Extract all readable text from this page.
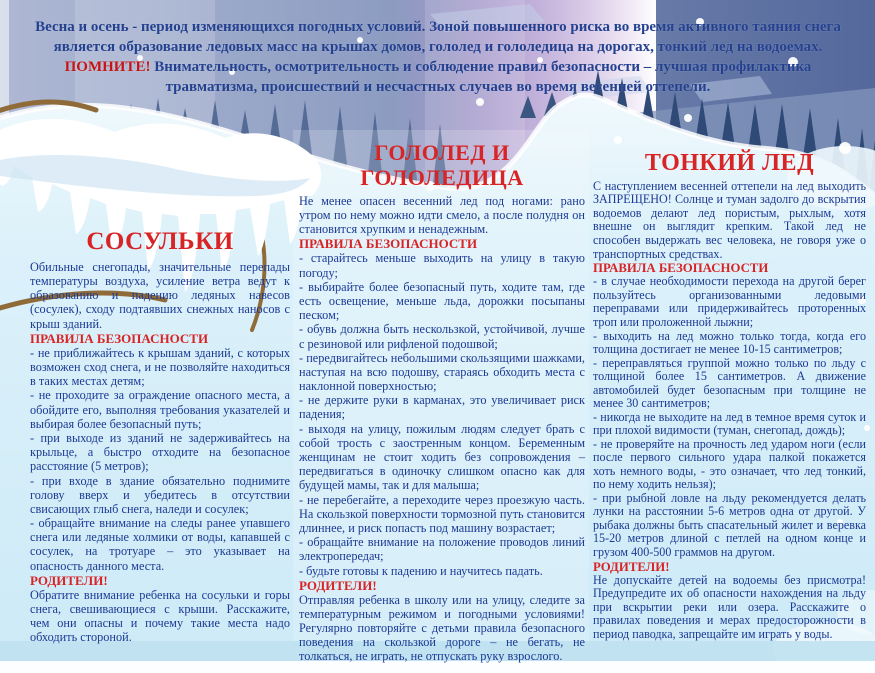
Весна и осень - период изменяющихся погодных условий. Зоной повышенного риска во время активного таяния снега является образование ледовых масс на крышах домов, гололед и гололедица на дорогах, тонкий лед на водоемах. ПОМНИТЕ! Внимательность, осмотрительность и соблюдение правил безопасности – лучшая профилактика травматизма, происшествий и несчастных случаев во время весенней оттепели.
СОСУЛЬКИ

Обильные снегопады, значительные перепады температуры воздуха, усиление ветра ведут к образованию и падению ледяных навесов (сосулек), сходу подтаявших снежных наносов с крыш зданий.

ПРАВИЛА БЕЗОПАСНОСТИ

- не приближайтесь к крышам зданий, с которых возможен сход снега, и не позволяйте находиться в таких местах детям;

- не проходите за ограждение опасного места, а обойдите его, выполняя требования указателей и выбирая более безопасный путь;

- при выходе из зданий не задерживайтесь на крыльце, а быстро отходите на безопасное расстояние (5 метров);

- при входе в здание обязательно поднимите голову вверх и убедитесь в отсутствии свисающих глыб снега, наледи и сосулек;

- обращайте внимание на следы ранее упавшего снега или ледяные холмики от воды, капавшей с сосулек, на тротуаре – это указывает на опасность данного места.

РОДИТЕЛИ!

Обратите внимание ребенка на сосульки и горы снега, свешивающиеся с крыши. Расскажите, чем они опасны и почему такие места надо обходить стороной.

ГОЛОЛЕД И ГОЛОЛЕДИЦА

Не менее опасен весенний лед под ногами: рано утром по нему можно идти смело, а после полудня он становится хрупким и ненадежным.

ПРАВИЛА БЕЗОПАСНОСТИ

- старайтесь меньше выходить на улицу в такую погоду;

- выбирайте более безопасный путь, ходите там, где есть освещение, меньше льда, дорожки посыпаны песком;

- обувь должна быть нескользкой, устойчивой, лучше с резиновой или рифленой подошвой;

- передвигайтесь небольшими скользящими шажками, наступая на всю подошву, стараясь обходить места с наклонной поверхностью;

- не держите руки в карманах, это увеличивает риск падения;

- выходя на улицу, пожилым людям следует брать с собой трость с заостренным концом. Беременным женщинам не стоит ходить без сопровождения – передвигаться в одиночку слишком опасно как для будущей мамы, так и для малыша;

- не перебегайте, а переходите через проезжую часть. На скользкой поверхности тормозной путь становится длиннее, и риск попасть под машину возрастает;

- обращайте внимание на положение проводов линий электропередач;

- будьте готовы к падению и научитесь падать.

РОДИТЕЛИ!

Отправляя ребенка в школу или на улицу, следите за температурным режимом и погодными условиями! Регулярно повторяйте с детьми правила безопасного поведения на скользкой дороге – не бегать, не толкаться, не играть, не отпускать руку взрослого.

ТОНКИЙ ЛЕД

С наступлением весенней оттепели на лед выходить ЗАПРЕЩЕНО! Солнце и туман задолго до вскрытия водоемов делают лед пористым, рыхлым, хотя внешне он выглядит крепким. Такой лед не способен выдержать вес человека, не говоря уже о транспортных средствах.

ПРАВИЛА БЕЗОПАСНОСТИ

- в случае необходимости перехода на другой берег пользуйтесь организованными ледовыми переправами или придерживайтесь проторенных троп или проложенной лыжни;

- выходить на лед можно только тогда, когда его толщина достигает не менее 10-15 сантиметров;

- переправляться группой можно только по льду с толщиной более 15 сантиметров. А движение автомобилей будет безопасным при толщине не менее 30 сантиметров;

- никогда не выходите на лед в темное время суток и при плохой видимости (туман, снегопад, дождь);

- не проверяйте на прочность лед ударом ноги (если после первого сильного удара палкой покажется хоть немного воды, - это означает, что лед тонкий, по нему ходить нельзя);

- при рыбной ловле на льду рекомендуется делать лунки на расстоянии 5-6 метров одна от другой. У рыбака должны быть спасательный жилет и веревка 15-20 метров длиной с петлей на одном конце и грузом 400-500 граммов на другом.

РОДИТЕЛИ!

Не допускайте детей на водоемы без присмотра! Предупредите их об опасности нахождения на льду при вскрытии реки или озера. Расскажите о правилах поведения и мерах предосторожности в период паводка, запрещайте им играть у воды.
